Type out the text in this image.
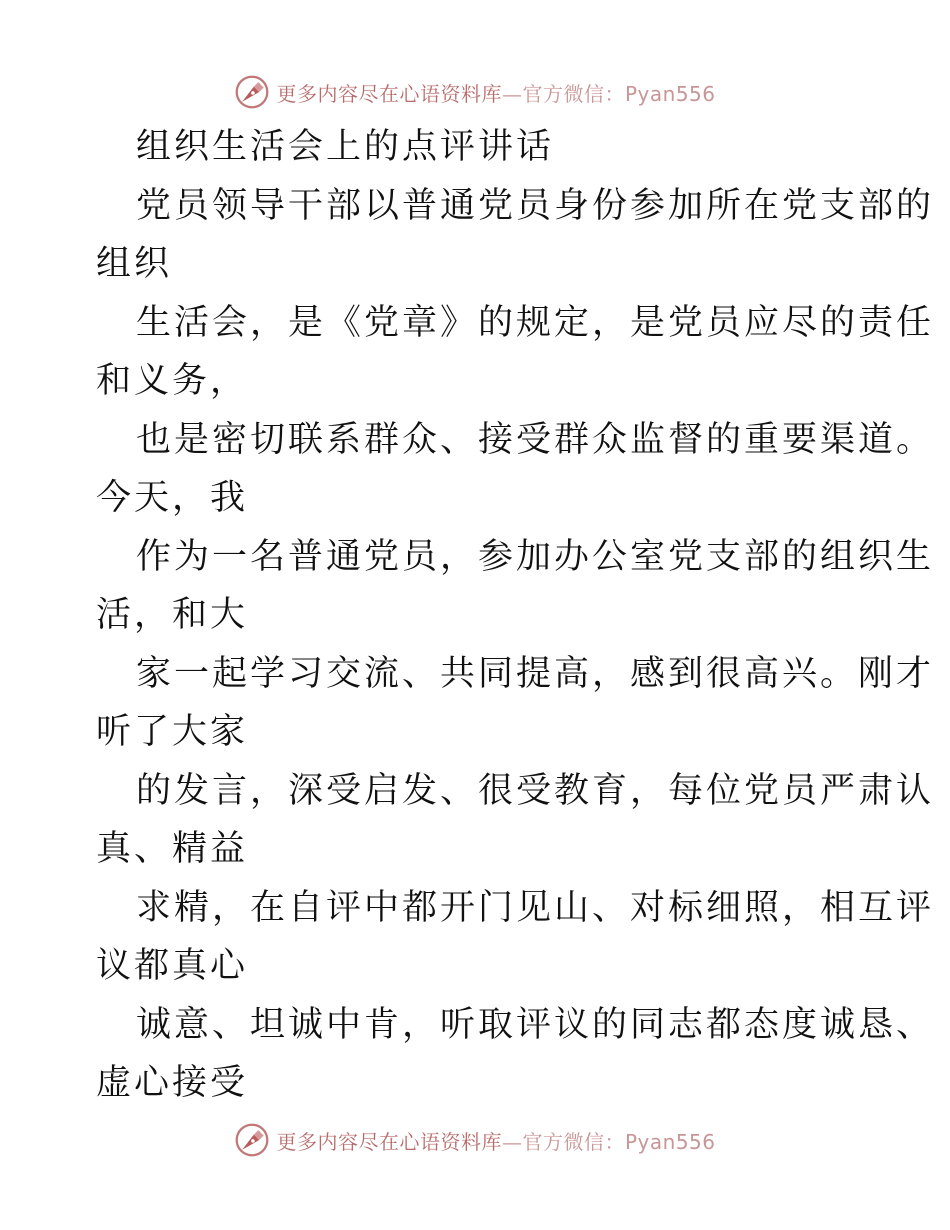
更多内容尽在心语资料库—官方微信：Pyan556
组织生活会上的点评讲话
党员领导干部以普通党员身份参加所在党支部的
组织
生活会，是《党章》的规定，是党员应尽的责任
和义务，
也是密切联系群众、接受群众监督的重要渠道。
今天，我
作为一名普通党员，参加办公室党支部的组织生
活，和大
家一起学习交流、共同提高，感到很高兴。刚才
听了大家
的发言，深受启发、很受教育，每位党员严肃认
真、精益
求精，在自评中都开门见山、对标细照，相互评
议都真心
诚意、坦诚中肯，听取评议的同志都态度诚恳、
虚心接受
更多内容尽在心语资料库—官方微信：Pyan556
